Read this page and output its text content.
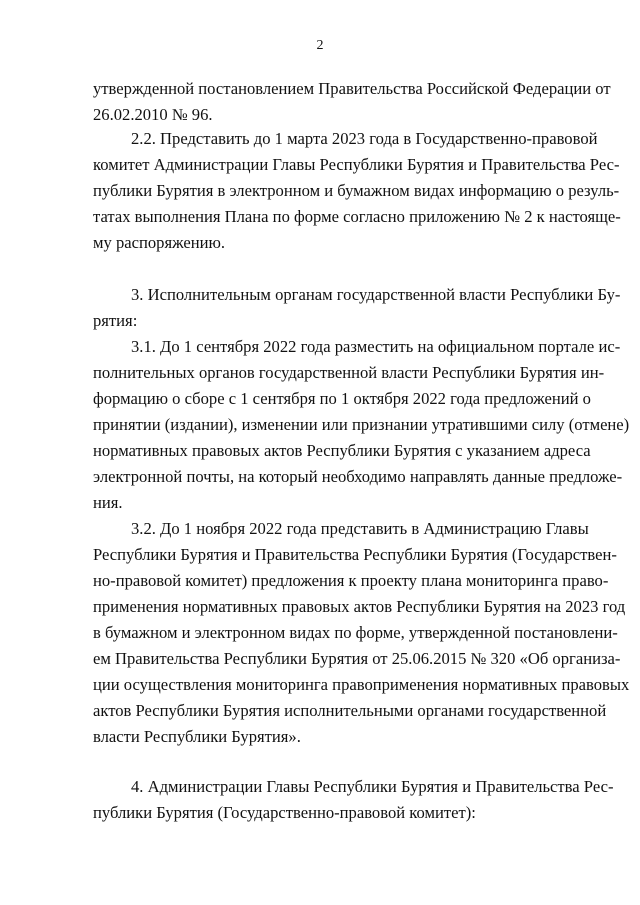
2
утвержденной постановлением Правительства Российской Федерации от
26.02.2010 № 96.
2.2. Представить до 1 марта 2023 года в Государственно-правовой
комитет Администрации Главы Республики Бурятия и Правительства Рес-
публики Бурятия в электронном и бумажном видах информацию о резуль-
татах выполнения Плана по форме согласно приложению № 2 к настояще-
му распоряжению.
3. Исполнительным органам государственной власти Республики Бу-
рятия:
3.1. До 1 сентября 2022 года разместить на официальном портале ис-
полнительных органов государственной власти Республики Бурятия ин-
формацию о сборе с 1 сентября по 1 октября 2022 года предложений о
принятии (издании), изменении или признании утратившими силу (отмене)
нормативных правовых актов Республики Бурятия с указанием адреса
электронной почты, на который необходимо направлять данные предложе-
ния.
3.2. До 1 ноября 2022 года представить в Администрацию Главы
Республики Бурятия и Правительства Республики Бурятия (Государствен-
но-правовой комитет) предложения к проекту плана мониторинга право-
применения нормативных правовых актов Республики Бурятия на 2023 год
в бумажном и электронном видах по форме, утвержденной постановлени-
ем Правительства Республики Бурятия от 25.06.2015 № 320 «Об организа-
ции осуществления мониторинга правоприменения нормативных правовых
актов Республики Бурятия исполнительными органами государственной
власти Республики Бурятия».
4. Администрации Главы Республики Бурятия и Правительства Рес-
публики Бурятия (Государственно-правовой комитет):
